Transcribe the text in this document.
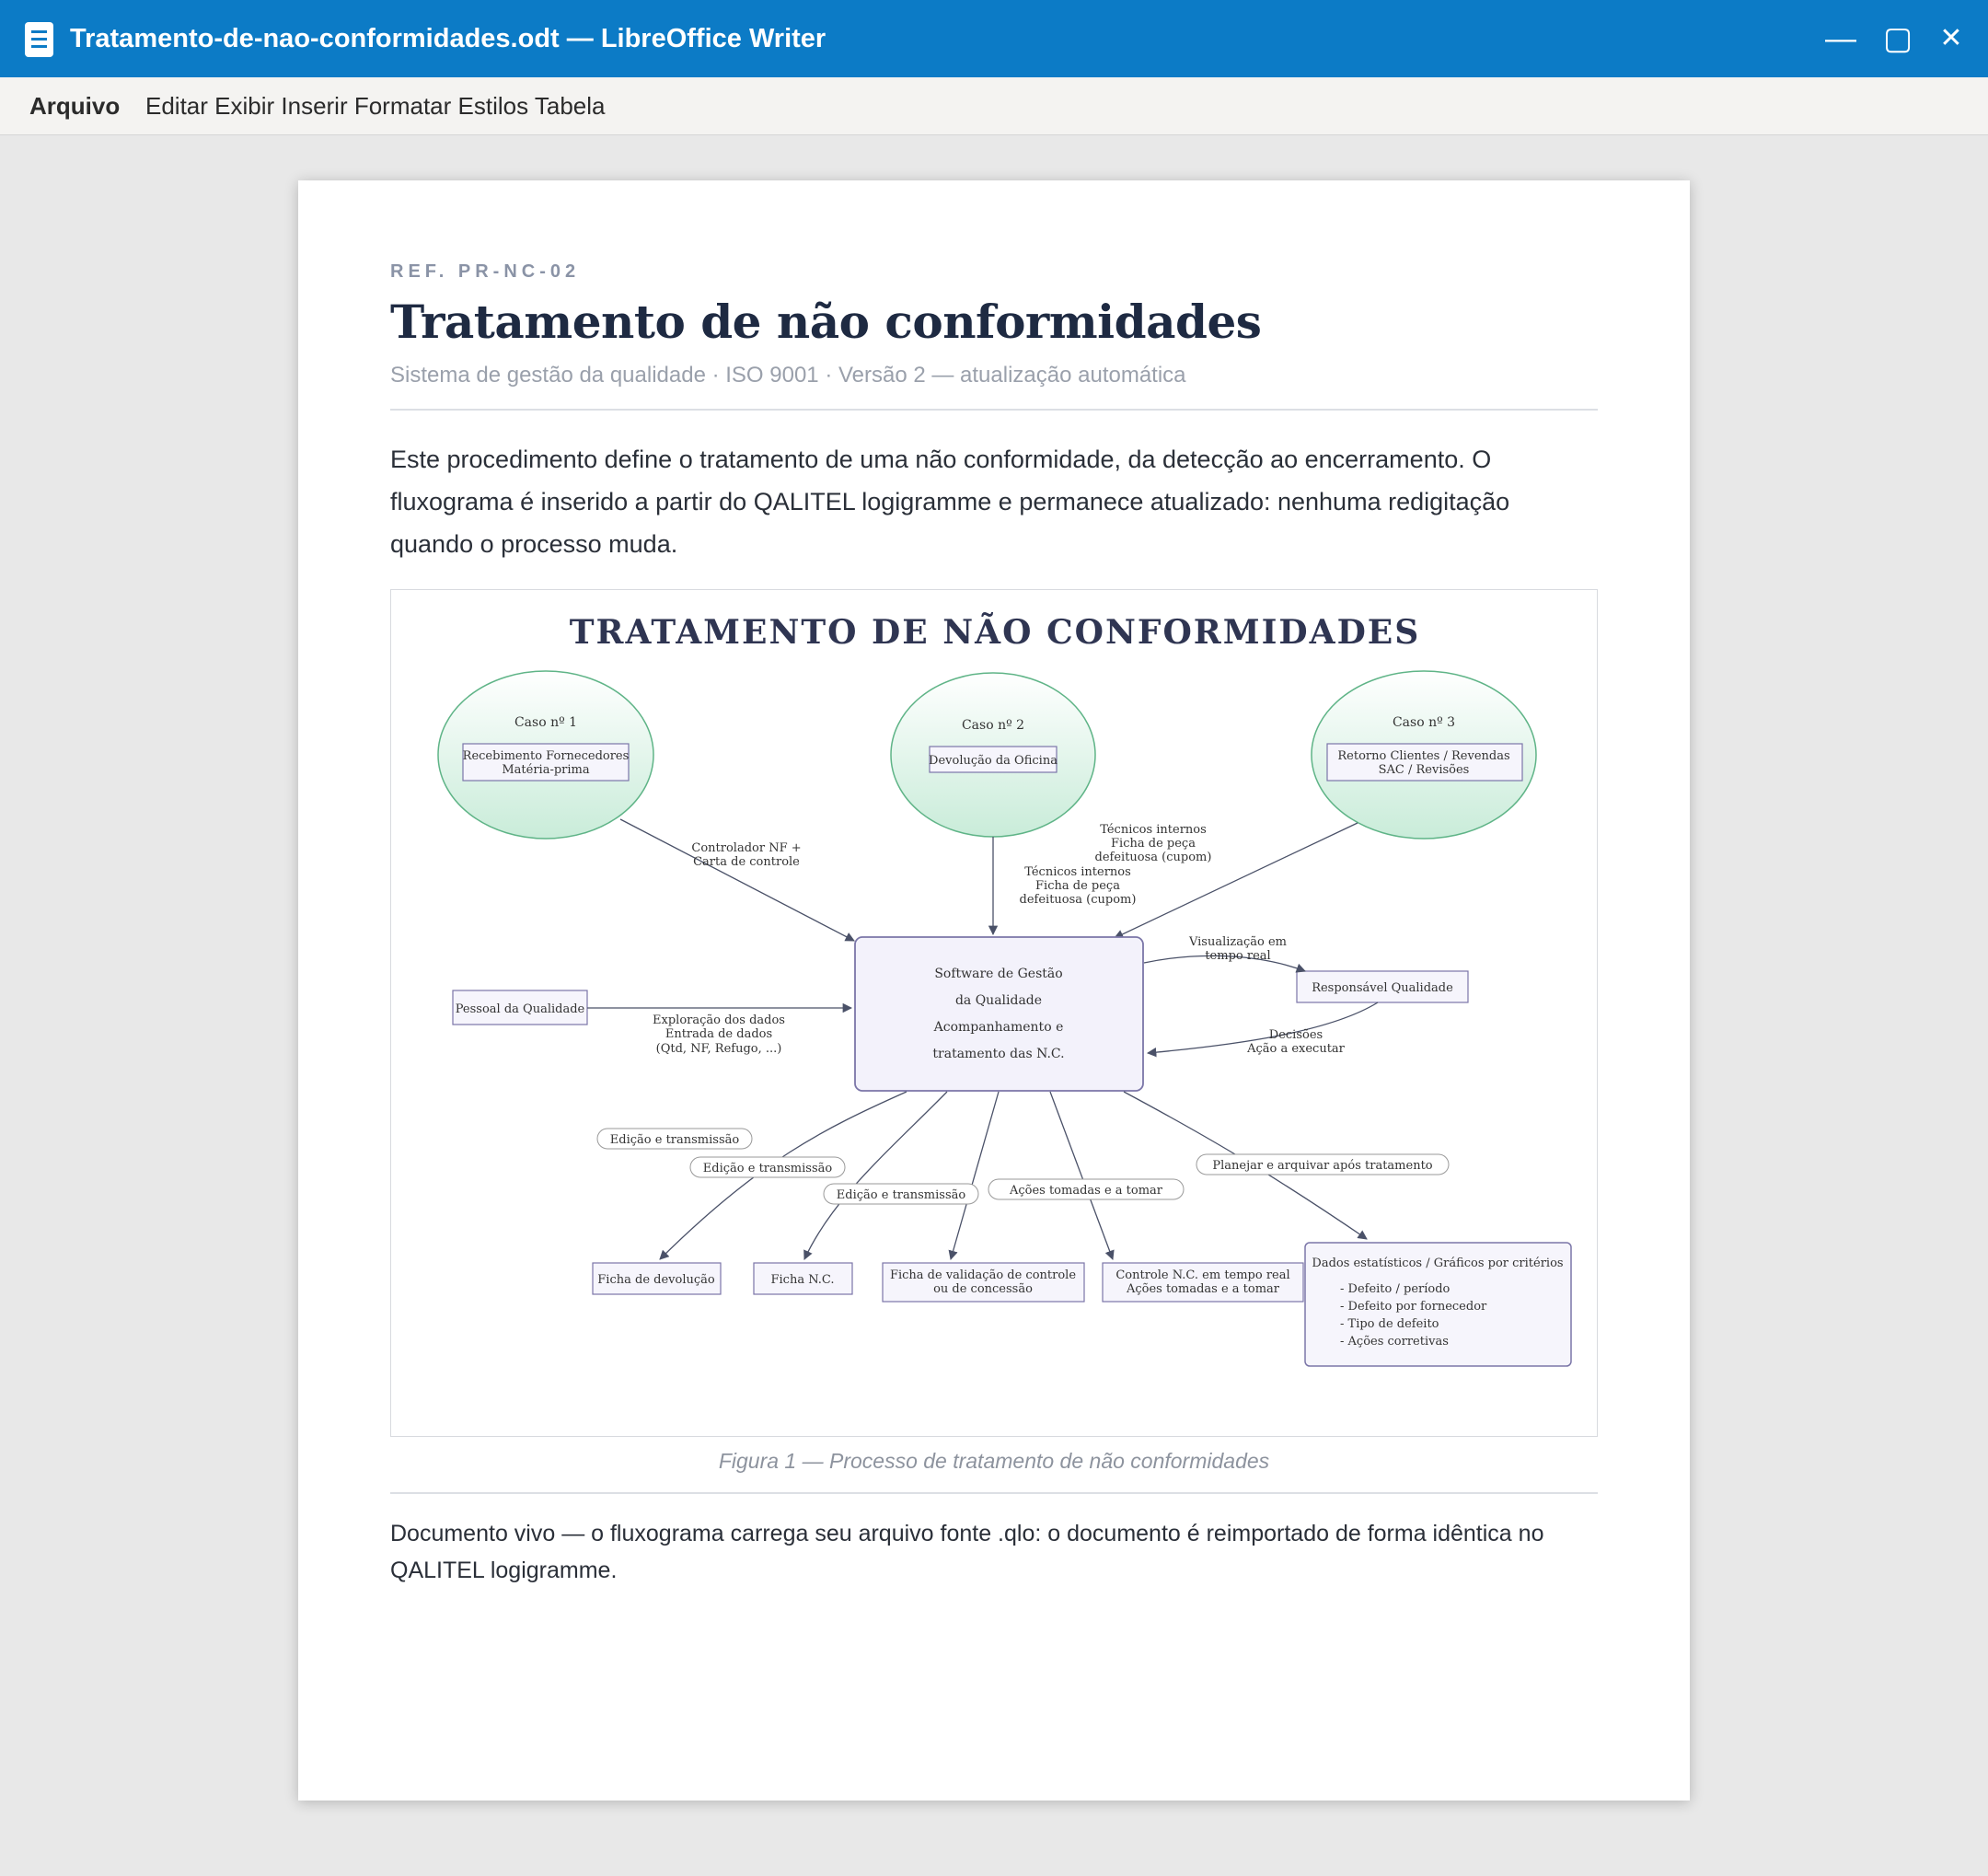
Tratamento-de-nao-conformidades.odt — LibreOffice Writer	— ▢ ✕
Arquivo Editar Exibir Inserir Formatar Estilos Tabela
REF. PR-NC-02
Tratamento de não conformidades
Sistema de gestão da qualidade · ISO 9001 · Versão 2 — atualização automática
Este procedimento define o tratamento de uma não conformidade, da detecção ao encerramento. O fluxograma é inserido a partir do QALITEL logigramme e permanece atualizado: nenhuma redigitação quando o processo muda.
TRATAMENTO DE NÃO CONFORMIDADES
Caso nº 1
Recebimento Fornecedores
Matéria-prima
Caso nº 2
Devolução da Oficina
Caso nº 3
Retorno Clientes / Revendas
SAC / Revisões
Controlador NF +
Carta de controle
Técnicos internos
Ficha de peça
defeituosa (cupom)
Técnicos internos
Ficha de peça
defeituosa (cupom)
Software de Gestão
da Qualidade
Acompanhamento e
tratamento das N.C.
Pessoal da Qualidade
Exploração dos dados
Entrada de dados
(Qtd, NF, Refugo, ...)
Responsável Qualidade
Visualização em
tempo real
Decisões
Ação a executar
Edição e transmissão
Edição e transmissão
Edição e transmissão	Ações tomadas e a tomar
Planejar e arquivar após tratamento
Ficha de devolução	Ficha N.C.	Ficha de validação de controle
ou de concessão
Controle N.C. em tempo real
Ações tomadas e a tomar
Dados estatísticos / Gráficos por critérios
- Defeito / período
- Defeito por fornecedor
- Tipo de defeito
- Ações corretivas
Figura 1 — Processo de tratamento de não conformidades
Documento vivo — o fluxograma carrega seu arquivo fonte .qlo: o documento é reimportado de forma idêntica no QALITEL logigramme.
